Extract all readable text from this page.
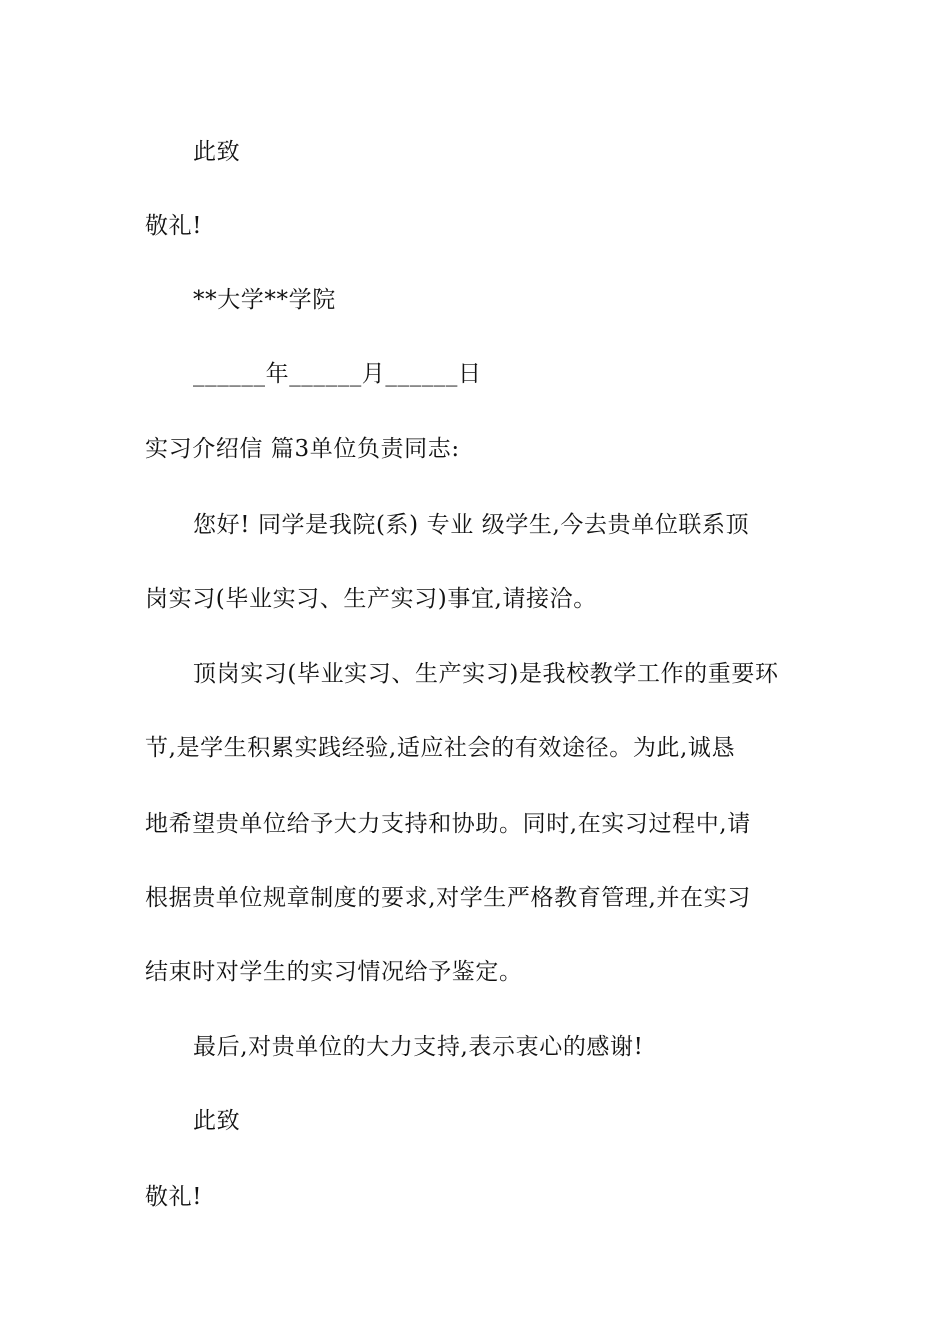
此致
敬礼!
**大学**学院
______年______月______日
实习介绍信 篇3单位负责同志:
您好! 同学是我院(系) 专业 级学生,今去贵单位联系顶
岗实习(毕业实习、生产实习)事宜,请接洽。
顶岗实习(毕业实习、生产实习)是我校教学工作的重要环
节,是学生积累实践经验,适应社会的有效途径。为此,诚恳
地希望贵单位给予大力支持和协助。同时,在实习过程中,请
根据贵单位规章制度的要求,对学生严格教育管理,并在实习
结束时对学生的实习情况给予鉴定。
最后,对贵单位的大力支持,表示衷心的感谢!
此致
敬礼!
